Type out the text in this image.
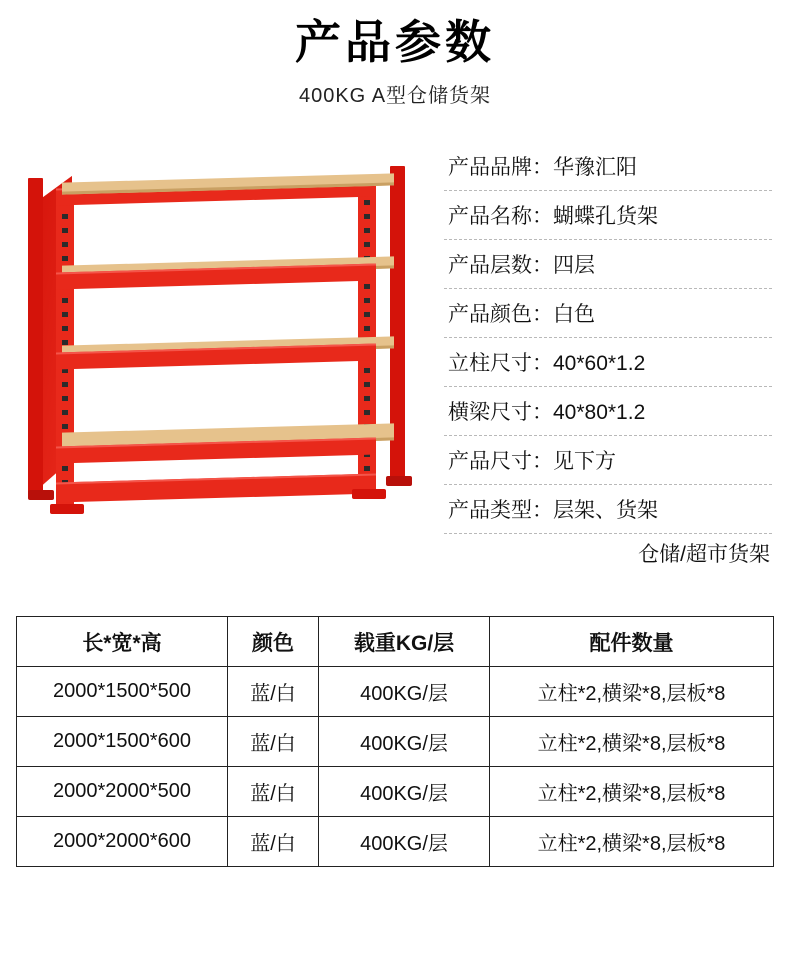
产品参数
400KG A型仓储货架
产品品牌： 华豫汇阳
产品名称： 蝴蝶孔货架
产品层数： 四层
产品颜色： 白色
立柱尺寸： 40*60*1.2
横梁尺寸： 40*80*1.2
产品尺寸： 见下方
产品类型： 层架、货架
仓储/超市货架
长*宽*高	颜色	载重KG/层	配件数量
2000*1500*500	蓝/白	400KG/层	立柱*2,横梁*8,层板*8
2000*1500*600	蓝/白	400KG/层	立柱*2,横梁*8,层板*8
2000*2000*500	蓝/白	400KG/层	立柱*2,横梁*8,层板*8
2000*2000*600	蓝/白	400KG/层	立柱*2,横梁*8,层板*8
